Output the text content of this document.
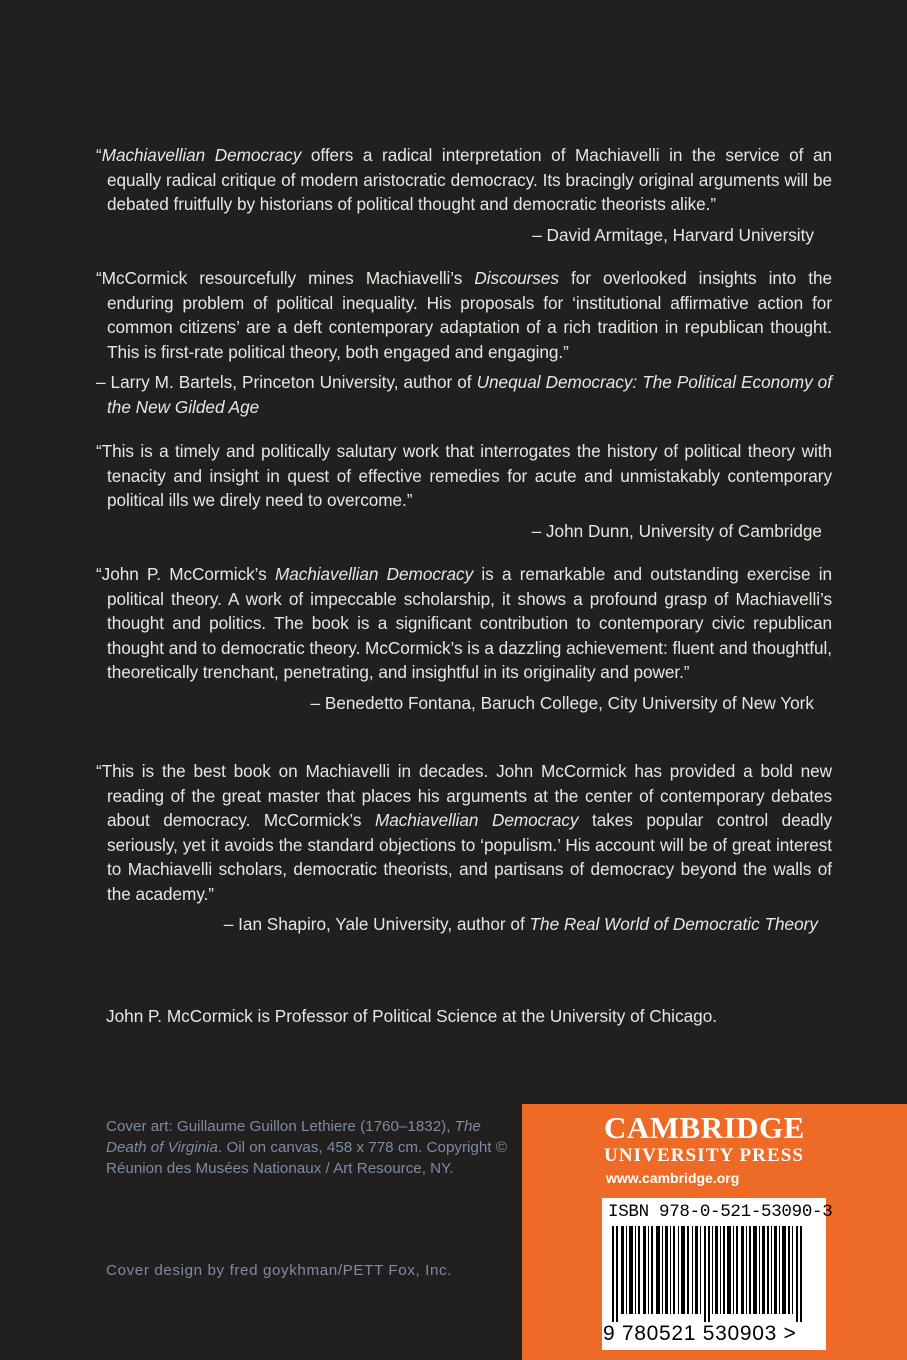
“Machiavellian Democracy offers a radical interpretation of Machiavelli in the service of an equally radical critique of modern aristocratic democracy. Its bracingly original arguments will be debated fruitfully by historians of political thought and democratic theorists alike.”

– David Armitage, Harvard University

“McCormick resourcefully mines Machiavelli’s Discourses for overlooked insights into the enduring problem of political inequality. His proposals for ‘institutional affirmative action for common citizens’ are a deft contemporary adaptation of a rich tradition in republican thought. This is first-rate political theory, both engaged and engaging.”

– Larry M. Bartels, Princeton University, author of Unequal Democracy: The Political Economy of the New Gilded Age

“This is a timely and politically salutary work that interrogates the history of political theory with tenacity and insight in quest of effective remedies for acute and unmistakably contemporary political ills we direly need to overcome.”

– John Dunn, University of Cambridge

“John P. McCormick’s Machiavellian Democracy is a remarkable and outstanding exercise in political theory. A work of impeccable scholarship, it shows a profound grasp of Machiavelli’s thought and politics. The book is a significant contribution to contemporary civic republican thought and to democratic theory. McCormick’s is a dazzling achievement: fluent and thoughtful, theoretically trenchant, penetrating, and insightful in its originality and power.”

– Benedetto Fontana, Baruch College, City University of New York

“This is the best book on Machiavelli in decades. John McCormick has provided a bold new reading of the great master that places his arguments at the center of contemporary debates about democracy. McCormick’s Machiavellian Democracy takes popular control deadly seriously, yet it avoids the standard objections to ‘populism.’ His account will be of great interest to Machiavelli scholars, democratic theorists, and partisans of democracy beyond the walls of the academy.”

– Ian Shapiro, Yale University, author of The Real World of Democratic Theory

John P. McCormick is Professor of Political Science at the University of Chicago.

Cover art: Guillaume Guillon Lethiere (1760–1832), The Death of Virginia. Oil on canvas, 458 x 778 cm. Copyright © Réunion des Musées Nationaux / Art Resource, NY.

Cover design by fred goykhman/PETT Fox, Inc.

CAMBRIDGE
UNIVERSITY PRESS
www.cambridge.org
ISBN 978-0-521-53090-3
9 780521 530903 >
